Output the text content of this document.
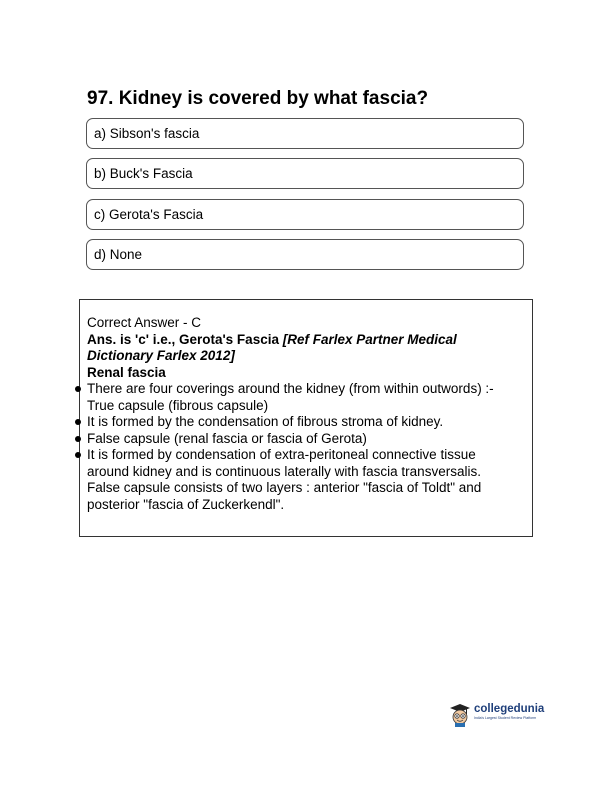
97. Kidney is covered by what fascia?
a) Sibson's fascia
b) Buck's Fascia
c) Gerota's Fascia
d) None

Correct Answer - C

Ans. is 'c' i.e., Gerota's Fascia [Ref Farlex Partner Medical Dictionary Farlex 2012]

Renal fascia

There are four coverings around the kidney (from within outwords) :-

True capsule (fibrous capsule)

It is formed by the condensation of fibrous stroma of kidney.

False capsule (renal fascia or fascia of Gerota)

It is formed by condensation of extra-peritoneal connective tissue around kidney and is continuous laterally with fascia transversalis. False capsule consists of two layers : anterior "fascia of Toldt" and posterior "fascia of Zuckerkendl".

collegedunia
India's Largest Student Review Platform
